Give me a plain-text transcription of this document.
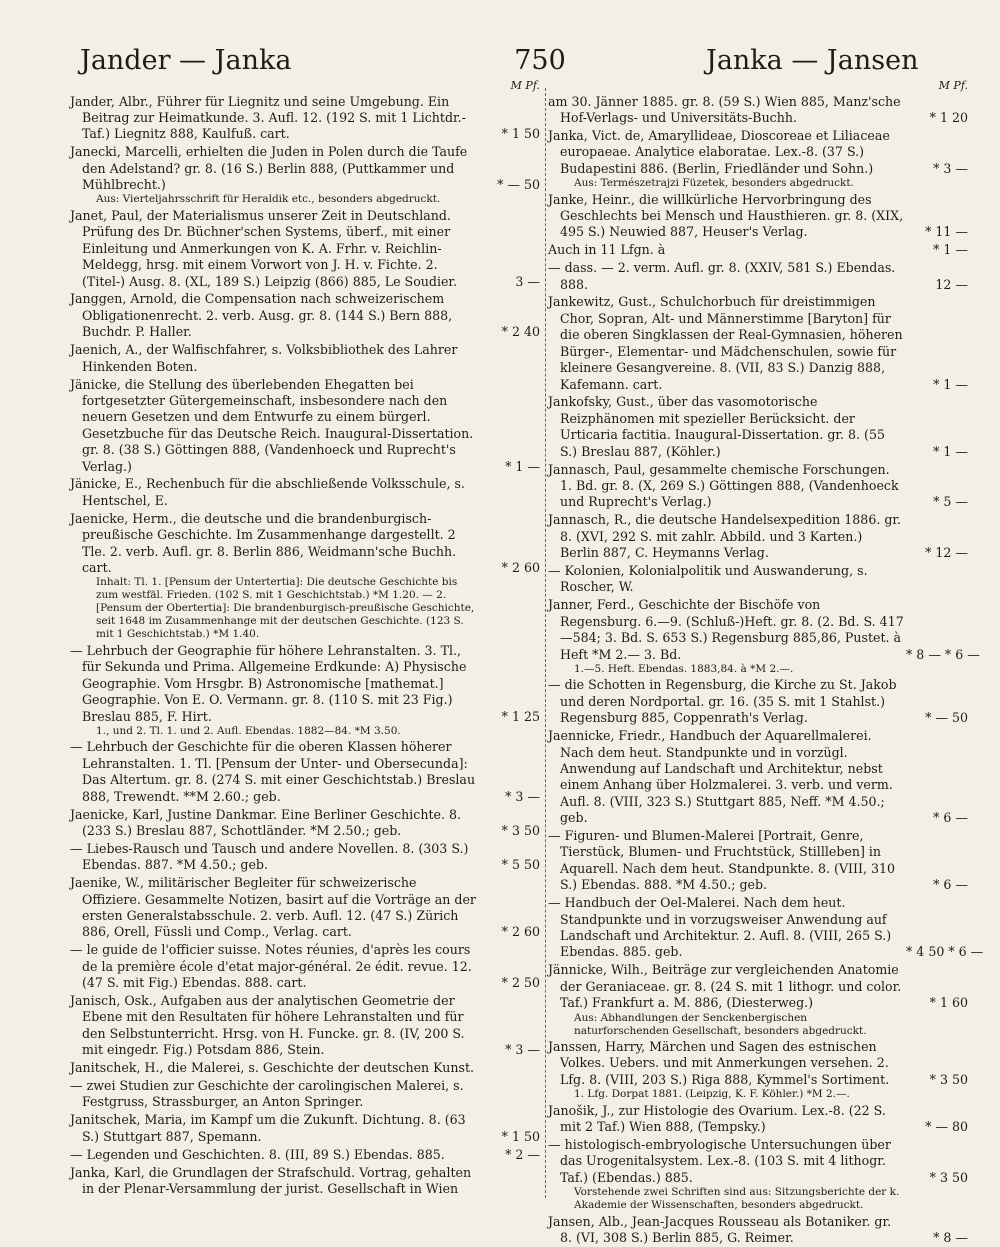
Jander — Janka	750	Janka — Jansen
M Pf.
Jander, Albr., Führer für Liegnitz und seine Umgebung. Ein Beitrag zur Heimatkunde. 3. Aufl. 12. (192 S. mit 1 Lichtdr.-Taf.) Liegnitz 888, Kaulfuß. cart.	* 1 50
Janecki, Marcelli, erhielten die Juden in Polen durch die Taufe den Adelstand? gr. 8. (16 S.) Berlin 888, (Puttkammer und Mühlbrecht.)	* — 50
Aus: Vierteljahrsschrift für Heraldik etc., besonders abgedruckt.
Janet, Paul, der Materialismus unserer Zeit in Deutschland. Prüfung des Dr. Büchner'schen Systems, überf., mit einer Einleitung und Anmerkungen von K. A. Frhr. v. Reichlin-Meldegg, hrsg. mit einem Vorwort von J. H. v. Fichte. 2. (Titel-) Ausg. 8. (XL, 189 S.) Leipzig (866) 885, Le Soudier.	3 —
Janggen, Arnold, die Compensation nach schweizerischem Obligationenrecht. 2. verb. Ausg. gr. 8. (144 S.) Bern 888, Buchdr. P. Haller.	* 2 40
Jaenich, A., der Walfischfahrer, s. Volksbibliothek des Lahrer Hinkenden Boten.
Jänicke, die Stellung des überlebenden Ehegatten bei fortgesetzter Gütergemeinschaft, insbesondere nach den neuern Gesetzen und dem Entwurfe zu einem bürgerl. Gesetzbuche für das Deutsche Reich. Inaugural-Dissertation. gr. 8. (38 S.) Göttingen 888, (Vandenhoeck und Ruprecht's Verlag.)	* 1 —
Jänicke, E., Rechenbuch für die abschließende Volksschule, s. Hentschel, E.
Jaenicke, Herm., die deutsche und die brandenburgisch-preußische Geschichte. Im Zusammenhange dargestellt. 2 Tle. 2. verb. Aufl. gr. 8. Berlin 886, Weidmann'sche Buchh. cart.	* 2 60
Inhalt: Tl. 1. [Pensum der Untertertia]: Die deutsche Geschichte bis zum westfäl. Frieden. (102 S. mit 1 Geschichtstab.) *M 1.20. — 2. [Pensum der Obertertia]: Die brandenburgisch-preußische Geschichte, seit 1648 im Zusammenhange mit der deutschen Geschichte. (123 S. mit 1 Geschichtstab.) *M 1.40.
— Lehrbuch der Geographie für höhere Lehranstalten. 3. Tl., für Sekunda und Prima. Allgemeine Erdkunde: A) Physische Geographie. Vom Hrsgbr. B) Astronomische [mathemat.] Geographie. Von E. O. Vermann. gr. 8. (110 S. mit 23 Fig.) Breslau 885, F. Hirt.	* 1 25
1., und 2. Tl. 1. und 2. Aufl. Ebendas. 1882—84. *M 3.50.
— Lehrbuch der Geschichte für die oberen Klassen höherer Lehranstalten. 1. Tl. [Pensum der Unter- und Obersecunda]: Das Altertum. gr. 8. (274 S. mit einer Geschichtstab.) Breslau 888, Trewendt. **M 2.60.; geb.	* 3 —
Jaenicke, Karl, Justine Dankmar. Eine Berliner Geschichte. 8. (233 S.) Breslau 887, Schottländer. *M 2.50.; geb.	* 3 50
— Liebes-Rausch und Tausch und andere Novellen. 8. (303 S.) Ebendas. 887. *M 4.50.; geb.	* 5 50
Jaenike, W., militärischer Begleiter für schweizerische Offiziere. Gesammelte Notizen, basirt auf die Vorträge an der ersten Generalstabsschule. 2. verb. Aufl. 12. (47 S.) Zürich 886, Orell, Füssli und Comp., Verlag. cart.	* 2 60
— le guide de l'officier suisse. Notes réunies, d'après les cours de la première école d'etat major-général. 2e édit. revue. 12. (47 S. mit Fig.) Ebendas. 888. cart.	* 2 50
Janisch, Osk., Aufgaben aus der analytischen Geometrie der Ebene mit den Resultaten für höhere Lehranstalten und für den Selbstunterricht. Hrsg. von H. Funcke. gr. 8. (IV, 200 S. mit eingedr. Fig.) Potsdam 886, Stein.	* 3 —
Janitschek, H., die Malerei, s. Geschichte der deutschen Kunst.
— zwei Studien zur Geschichte der carolingischen Malerei, s. Festgruss, Strassburger, an Anton Springer.
Janitschek, Maria, im Kampf um die Zukunft. Dichtung. 8. (63 S.) Stuttgart 887, Spemann.	* 1 50
— Legenden und Geschichten. 8. (III, 89 S.) Ebendas. 885.	* 2 —
Janka, Karl, die Grundlagen der Strafschuld. Vortrag, gehalten in der Plenar-Versammlung der jurist. Gesellschaft in Wien
M Pf.
am 30. Jänner 1885. gr. 8. (59 S.) Wien 885, Manz'sche Hof-Verlags- und Universitäts-Buchh.	* 1 20
Janka, Vict. de, Amaryllideae, Dioscoreae et Liliaceae europaeae. Analytice elaboratae. Lex.-8. (37 S.) Budapestini 886. (Berlin, Friedländer und Sohn.)	* 3 —
Aus: Természetrajzi Füzetek, besonders abgedruckt.
Janke, Heinr., die willkürliche Hervorbringung des Geschlechts bei Mensch und Hausthieren. gr. 8. (XIX, 495 S.) Neuwied 887, Heuser's Verlag.	* 11 —
Auch in 11 Lfgn. à	* 1 —
— dass. — 2. verm. Aufl. gr. 8. (XXIV, 581 S.) Ebendas. 888.	12 —
Jankewitz, Gust., Schulchorbuch für dreistimmigen Chor, Sopran, Alt- und Männerstimme [Baryton] für die oberen Singklassen der Real-Gymnasien, höheren Bürger-, Elementar- und Mädchenschulen, sowie für kleinere Gesangvereine. 8. (VII, 83 S.) Danzig 888, Kafemann. cart.	* 1 —
Jankofsky, Gust., über das vasomotorische Reizphänomen mit spezieller Berücksicht. der Urticaria factitia. Inaugural-Dissertation. gr. 8. (55 S.) Breslau 887, (Köhler.)	* 1 —
Jannasch, Paul, gesammelte chemische Forschungen. 1. Bd. gr. 8. (X, 269 S.) Göttingen 888, (Vandenhoeck und Ruprecht's Verlag.)	* 5 —
Jannasch, R., die deutsche Handelsexpedition 1886. gr. 8. (XVI, 292 S. mit zahlr. Abbild. und 3 Karten.) Berlin 887, C. Heymanns Verlag.	* 12 —
— Kolonien, Kolonialpolitik und Auswanderung, s. Roscher, W.
Janner, Ferd., Geschichte der Bischöfe von Regensburg. 6.—9. (Schluß-)Heft. gr. 8. (2. Bd. S. 417—584; 3. Bd. S. 653 S.) Regensburg 885,86, Pustet. à Heft *M 2.— 3. Bd.	* 8 — * 6 —
1.—5. Heft. Ebendas. 1883,84. à *M 2.—.
— die Schotten in Regensburg, die Kirche zu St. Jakob und deren Nordportal. gr. 16. (35 S. mit 1 Stahlst.) Regensburg 885, Coppenrath's Verlag.	* — 50
Jaennicke, Friedr., Handbuch der Aquarellmalerei. Nach dem heut. Standpunkte und in vorzügl. Anwendung auf Landschaft und Architektur, nebst einem Anhang über Holzmalerei. 3. verb. und verm. Aufl. 8. (VIII, 323 S.) Stuttgart 885, Neff. *M 4.50.; geb.	* 6 —
— Figuren- und Blumen-Malerei [Portrait, Genre, Tierstück, Blumen- und Fruchtstück, Stillleben] in Aquarell. Nach dem heut. Standpunkte. 8. (VIII, 310 S.) Ebendas. 888. *M 4.50.; geb.	* 6 —
— Handbuch der Oel-Malerei. Nach dem heut. Standpunkte und in vorzugsweiser Anwendung auf Landschaft und Architektur. 2. Aufl. 8. (VIII, 265 S.) Ebendas. 885. geb.	* 4 50 * 6 —
Jännicke, Wilh., Beiträge zur vergleichenden Anatomie der Geraniaceae. gr. 8. (24 S. mit 1 lithogr. und color. Taf.) Frankfurt a. M. 886, (Diesterweg.)	* 1 60
Aus: Abhandlungen der Senckenbergischen naturforschenden Gesellschaft, besonders abgedruckt.
Janssen, Harry, Märchen und Sagen des estnischen Volkes. Uebers. und mit Anmerkungen versehen. 2. Lfg. 8. (VIII, 203 S.) Riga 888, Kymmel's Sortiment.	* 3 50
1. Lfg. Dorpat 1881. (Leipzig, K. F. Köhler.) *M 2.—.
Janošik, J., zur Histologie des Ovarium. Lex.-8. (22 S. mit 2 Taf.) Wien 888, (Tempsky.)	* — 80
— histologisch-embryologische Untersuchungen über das Urogenitalsystem. Lex.-8. (103 S. mit 4 lithogr. Taf.) (Ebendas.) 885.	* 3 50
Vorstehende zwei Schriften sind aus: Sitzungsberichte der k. Akademie der Wissenschaften, besonders abgedruckt.
Jansen, Alb., Jean-Jacques Rousseau als Botaniker. gr. 8. (VI, 308 S.) Berlin 885, G. Reimer.	* 8 —
